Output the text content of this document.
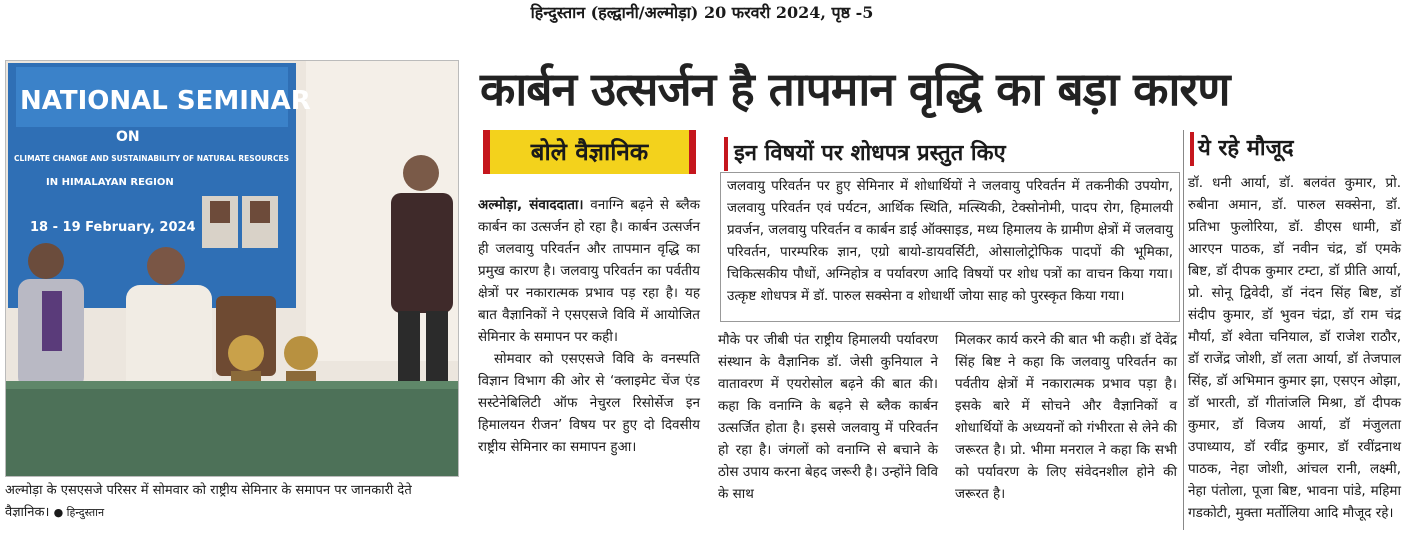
हिन्दुस्तान (हल्द्वानी/अल्मोड़ा) 20 फरवरी 2024, पृष्ठ -5
NATIONAL SEMINAR
ON
CLIMATE CHANGE AND SUSTAINABILITY OF NATURAL RESOURCES
IN HIMALAYAN REGION
18 - 19 February, 2024
अल्मोड़ा के एसएसजे परिसर में सोमवार को राष्ट्रीय सेमिनार के समापन पर जानकारी देते वैज्ञानिक। ● हिन्दुस्तान
कार्बन उत्सर्जन है तापमान वृद्धि का बड़ा कारण
बोले वैज्ञानिक

अल्मोड़ा, संवाददाता। वनाग्नि बढ़ने से ब्लैक कार्बन का उत्सर्जन हो रहा है। कार्बन उत्सर्जन ही जलवायु परिवर्तन और तापमान वृद्धि का प्रमुख कारण है। जलवायु परिवर्तन का पर्वतीय क्षेत्रों पर नकारात्मक प्रभाव पड़ रहा है। यह बात वैज्ञानिकों ने एसएसजे विवि में आयोजित सेमिनार के समापन पर कही।

सोमवार को एसएसजे विवि के वनस्पति विज्ञान विभाग की ओर से ‘क्लाइमेट चेंज एंड सस्टेनेबिलिटी ऑफ नेचुरल रिसोर्सेज इन हिमालयन रीजन’ विषय पर हुए दो दिवसीय राष्ट्रीय सेमिनार का समापन हुआ।

इन विषयों पर शोधपत्र प्रस्तुत किए
जलवायु परिवर्तन पर हुए सेमिनार में शोधार्थियों ने जलवायु परिवर्तन में तकनीकी उपयोग, जलवायु परिवर्तन एवं पर्यटन, आर्थिक स्थिति, मत्स्यिकी, टेक्सोनोमी, पादप रोग, हिमालयी प्रवर्जन, जलवायु परिवर्तन व कार्बन डाई ऑक्साइड, मध्य हिमालय के ग्रामीण क्षेत्रों में जलवायु परिवर्तन, पारम्परिक ज्ञान, एग्रो बायो-डायवर्सिटी, ओसालोट्रोफिक पादपों की भूमिका, चिकित्सकीय पौधों, अग्निहोत्र व पर्यावरण आदि विषयों पर शोध पत्रों का वाचन किया गया। उत्कृष्ट शोधपत्र में डॉ. पारुल सक्सेना व शोधार्थी जोया साह को पुरस्कृत किया गया।

मौके पर जीबी पंत राष्ट्रीय हिमालयी पर्यावरण संस्थान के वैज्ञानिक डॉ. जेसी कुनियाल ने वातावरण में एयरोसोल बढ़ने की बात की। कहा कि वनाग्नि के बढ़ने से ब्लैक कार्बन उत्सर्जित होता है। इससे जलवायु में परिवर्तन हो रहा है। जंगलों को वनाग्नि से बचाने के ठोस उपाय करना बेहद जरूरी है। उन्होंने विवि के साथ

मिलकर कार्य करने की बात भी कही। डॉ देवेंद्र सिंह बिष्ट ने कहा कि जलवायु परिवर्तन का पर्वतीय क्षेत्रों में नकारात्मक प्रभाव पड़ा है। इसके बारे में सोचने और वैज्ञानिकों व शोधार्थियों के अध्ययनों को गंभीरता से लेने की जरूरत है। प्रो. भीमा मनराल ने कहा कि सभी को पर्यावरण के लिए संवेदनशील होने की जरूरत है।

ये रहे मौजूद
डॉ. धनी आर्या, डॉ. बलवंत कुमार, प्रो. रुबीना अमान, डॉ. पारुल सक्सेना, डॉ. प्रतिभा फुलोरिया, डॉ. डीएस धामी, डॉ आरएन पाठक, डॉ नवीन चंद्र, डॉ एमके बिष्ट, डॉ दीपक कुमार टम्टा, डॉ प्रीति आर्या, प्रो. सोनू द्विवेदी, डॉ नंदन सिंह बिष्ट, डॉ संदीप कुमार, डॉ भुवन चंद्रा, डॉ राम चंद्र मौर्या, डॉ श्वेता चनियाल, डॉ राजेश राठौर, डॉ राजेंद्र जोशी, डॉ लता आर्या, डॉ तेजपाल सिंह, डॉ अभिमान कुमार झा, एसएन ओझा, डॉ भारती, डॉ गीतांजलि मिश्रा, डॉ दीपक कुमार, डॉ विजय आर्या, डॉ मंजुलता उपाध्याय, डॉ रवींद्र कुमार, डॉ रवींद्रनाथ पाठक, नेहा जोशी, आंचल रानी, लक्ष्मी, नेहा पंतोला, पूजा बिष्ट, भावना पांडे, महिमा गडकोटी, मुक्ता मर्तोलिया आदि मौजूद रहे।
